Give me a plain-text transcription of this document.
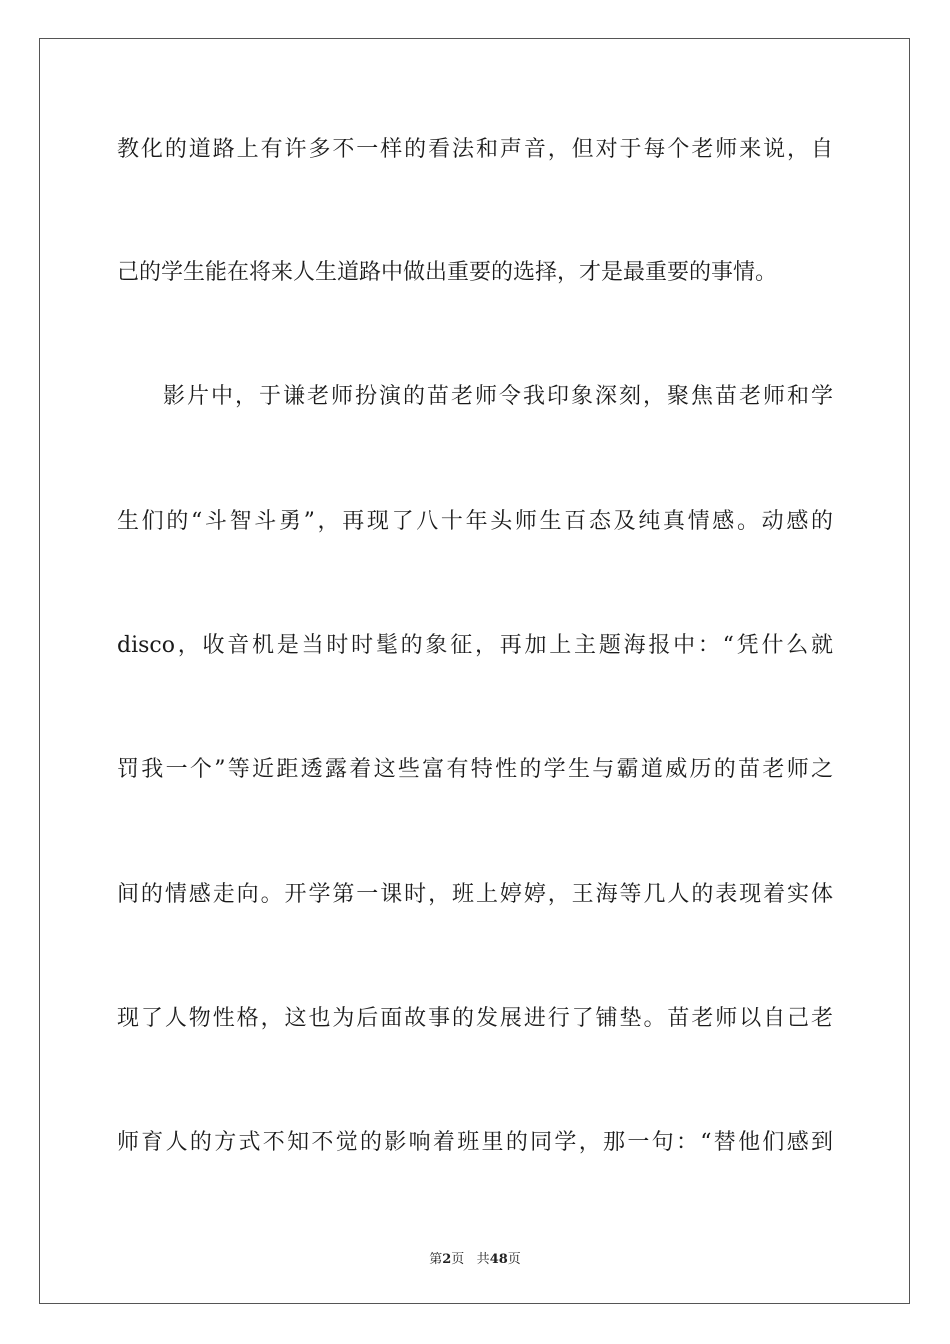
教化的道路上有许多不一样的看法和声音，但对于每个老师来说，自
己的学生能在将来人生道路中做出重要的选择，才是最重要的事情。
影片中，于谦老师扮演的苗老师令我印象深刻，聚焦苗老师和学
生们的“斗智斗勇”，再现了八十年头师生百态及纯真情感。动感的
disco，收音机是当时时髦的象征，再加上主题海报中：“凭什么就
罚我一个”等近距透露着这些富有特性的学生与霸道威历的苗老师之
间的情感走向。开学第一课时，班上婷婷，王海等几人的表现着实体
现了人物性格，这也为后面故事的发展进行了铺垫。苗老师以自己老
师育人的方式不知不觉的影响着班里的同学，那一句：“替他们感到
第2页 共48页
